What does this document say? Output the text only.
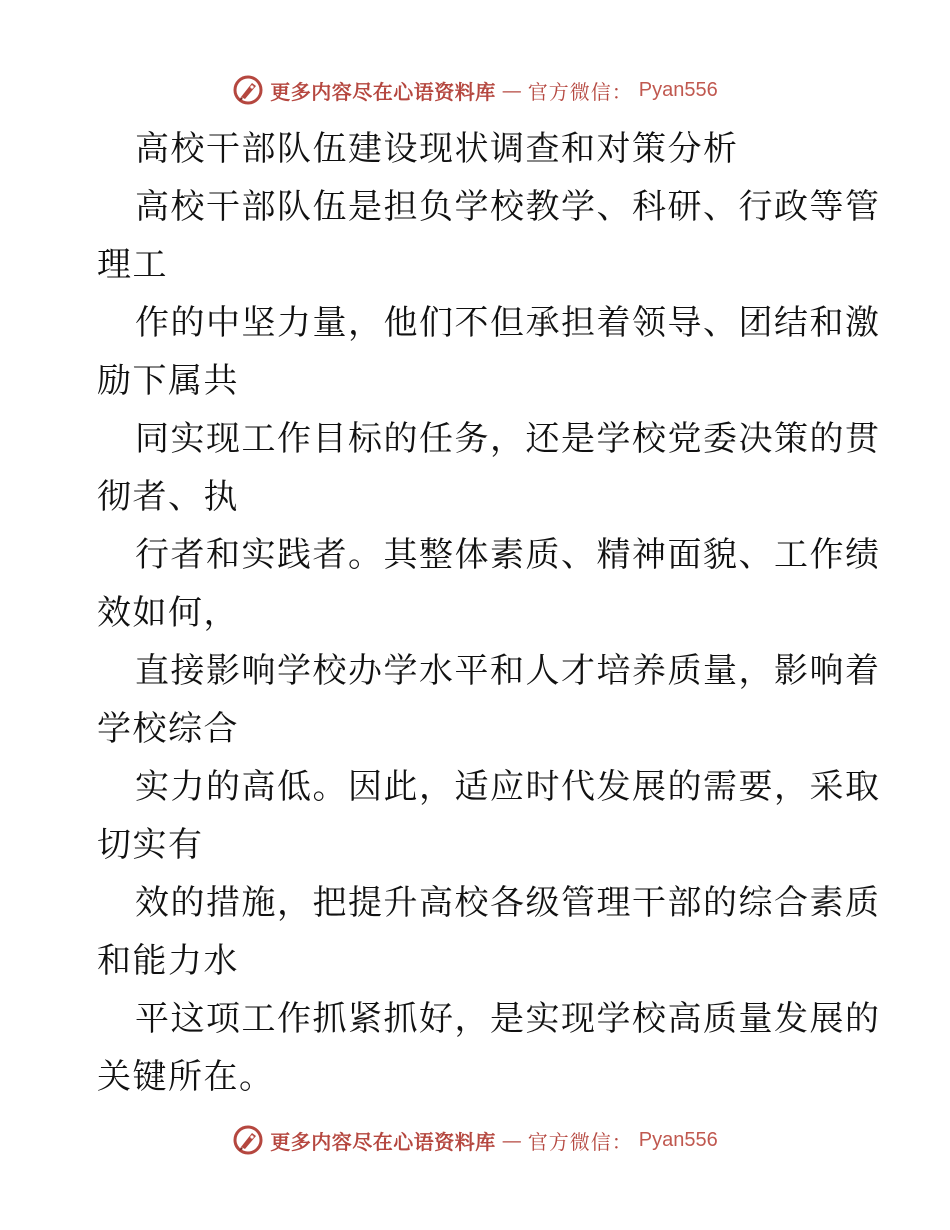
更多内容尽在心语资料库 — 官方微信： Pyan556
高校干部队伍建设现状调查和对策分析
高校干部队伍是担负学校教学、科研、行政等管
理工
作的中坚力量，他们不但承担着领导、团结和激
励下属共
同实现工作目标的任务，还是学校党委决策的贯
彻者、执
行者和实践者。其整体素质、精神面貌、工作绩
效如何，
直接影响学校办学水平和人才培养质量，影响着
学校综合
实力的高低。因此，适应时代发展的需要，采取
切实有
效的措施，把提升高校各级管理干部的综合素质
和能力水
平这项工作抓紧抓好，是实现学校高质量发展的
关键所在。
更多内容尽在心语资料库 — 官方微信： Pyan556
